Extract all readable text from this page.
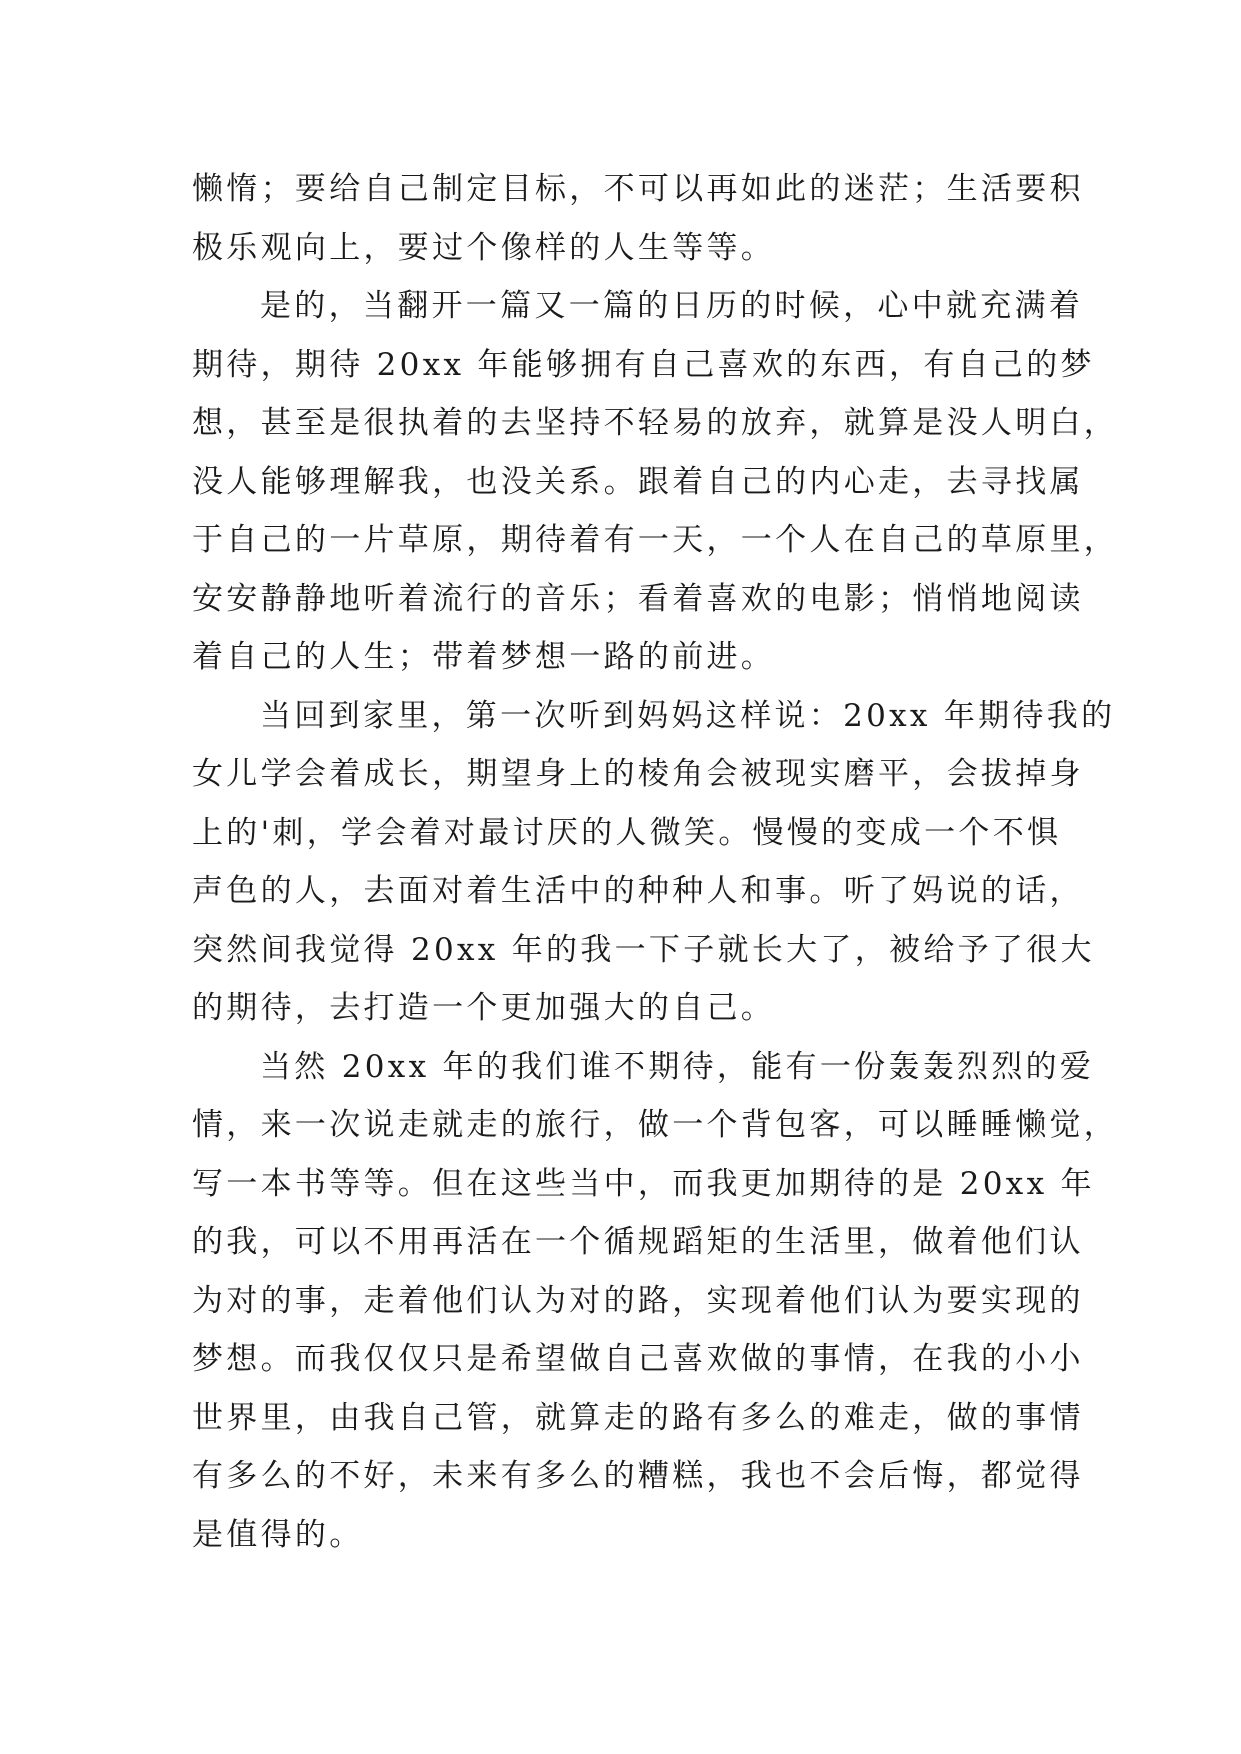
懒惰；要给自己制定目标，不可以再如此的迷茫；生活要积
极乐观向上，要过个像样的人生等等。
是的，当翻开一篇又一篇的日历的时候，心中就充满着
期待，期待 20xx 年能够拥有自己喜欢的东西，有自己的梦
想，甚至是很执着的去坚持不轻易的放弃，就算是没人明白，
没人能够理解我，也没关系。跟着自己的内心走，去寻找属
于自己的一片草原，期待着有一天，一个人在自己的草原里，
安安静静地听着流行的音乐；看着喜欢的电影；悄悄地阅读
着自己的人生；带着梦想一路的前进。
当回到家里，第一次听到妈妈这样说：20xx 年期待我的
女儿学会着成长，期望身上的棱角会被现实磨平，会拔掉身
上的'刺，学会着对最讨厌的人微笑。慢慢的变成一个不惧
声色的人，去面对着生活中的种种人和事。听了妈说的话，
突然间我觉得 20xx 年的我一下子就长大了，被给予了很大
的期待，去打造一个更加强大的自己。
当然 20xx 年的我们谁不期待，能有一份轰轰烈烈的爱
情，来一次说走就走的旅行，做一个背包客，可以睡睡懒觉，
写一本书等等。但在这些当中，而我更加期待的是 20xx 年
的我，可以不用再活在一个循规蹈矩的生活里，做着他们认
为对的事，走着他们认为对的路，实现着他们认为要实现的
梦想。而我仅仅只是希望做自己喜欢做的事情，在我的小小
世界里，由我自己管，就算走的路有多么的难走，做的事情
有多么的不好，未来有多么的糟糕，我也不会后悔，都觉得
是值得的。
